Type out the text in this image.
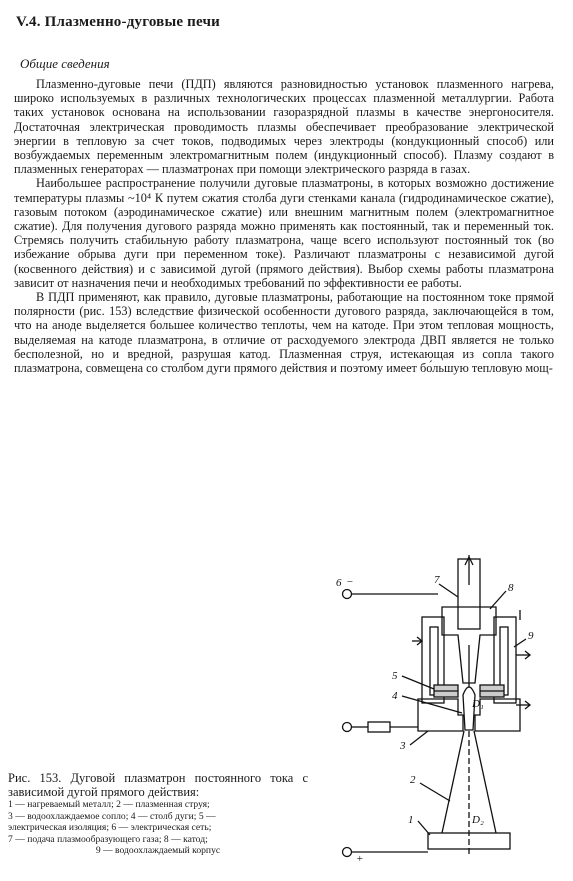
V.4. Плазменно-дуговые печи
Общие сведения

Плазменно-дуговые печи (ПДП) являются разновидностью установок плазменного нагрева, широко используемых в различных технологических процессах плазменной металлургии. Работа таких установок основана на использовании газоразрядной плазмы в качестве энергоносителя. Достаточная электрическая проводимость плазмы обеспечивает преобразование электрической энергии в тепловую за счет токов, подводимых через электроды (кондукционный способ) или возбуждаемых переменным электромагнитным полем (индукционный способ). Плазму создают в плазменных генераторах — плазматронах при помощи электрического разряда в газах.

Наибольшее распространение получили дуговые плазматроны, в которых возможно достижение температуры плазмы ~10⁴ К путем сжатия столба дуги стенками канала (гидродинамическое сжатие), газовым потоком (аэродинамическое сжатие) или внешним магнитным полем (электромагнитное сжатие). Для получения дугового разряда можно применять как постоянный, так и переменный ток. Стремясь получить стабильную работу плазматрона, чаще всего используют постоянный ток (во избежание обрыва дуги при переменном токе). Различают плазматроны с независимой дугой (косвенного действия) и с зависимой дугой (прямого действия). Выбор схемы работы плазматрона зависит от назначения печи и необходимых требований по эффективности ее работы.

В ПДП применяют, как правило, дуговые плазматроны, работающие на постоянном токе прямой полярности (рис. 153) вследствие физической особенности дугового разряда, заключающейся в том, что на аноде выделяется большее количество теплоты, чем на катоде. При этом тепловая мощность, выделяемая на катоде плазматрона, в отличие от расходуемого электрода ДВП является не только бесполезной, но и вредной, разрушая катод. Плазменная струя, истекающая из сопла такого плазматрона, совмещена со столбом дуги прямого действия и поэтому имеет бо́льшую тепловую мощ-

6 −	7
8
9
5
4
3
2
1
D₁
D₂
+
Рис. 153. Дуговой плазматрон постоянного тока с зависимой дугой прямого действия:
1 — нагреваемый металл; 2 — плазменная струя;
3 — водоохлаждаемое сопло; 4 — столб дуги; 5 —
электрическая изоляция; 6 — электрическая сеть;
7 — подача плазмообразующего газа; 8 — катод;
9 — водоохлаждаемый корпус
